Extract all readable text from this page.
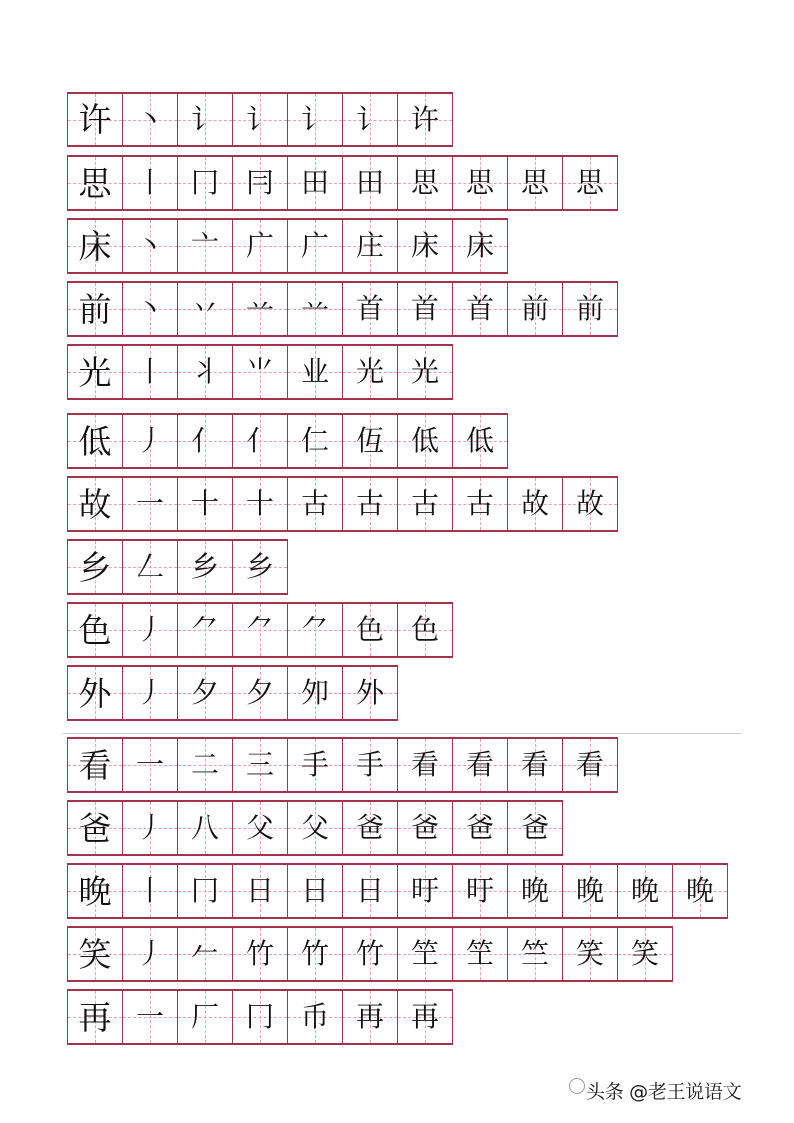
许 丶 讠 讠 讠 讠 许
思 丨 冂 冃 田 田 思 思 思 思
床 丶 亠 广 广 庄 床 床
前 丶 丷 䒑 䒑 首 首 首 前 前
光 丨 丬 ⺌ 业 光 光
低 丿 亻 亻 仁 仾 低 低
故 一 十 十 古 古 古 古 故 故
乡 𠃋 乡 乡
色 丿 ⺈ ⺈ ⺈ 色 色
外 丿 夕 夕 夘 外
看 一 二 三 手 手 看 看 看 看
爸 丿 八 父 父 爸 爸 爸 爸
晚 丨 冂 日 日 日 旴 旴 晚 晚 晚 晚
笑 丿 𠂉 竹 竹 竹 笁 笁 竺 笑 笑
再 一 厂 冂 币 再 再
头条 @老王说语文
